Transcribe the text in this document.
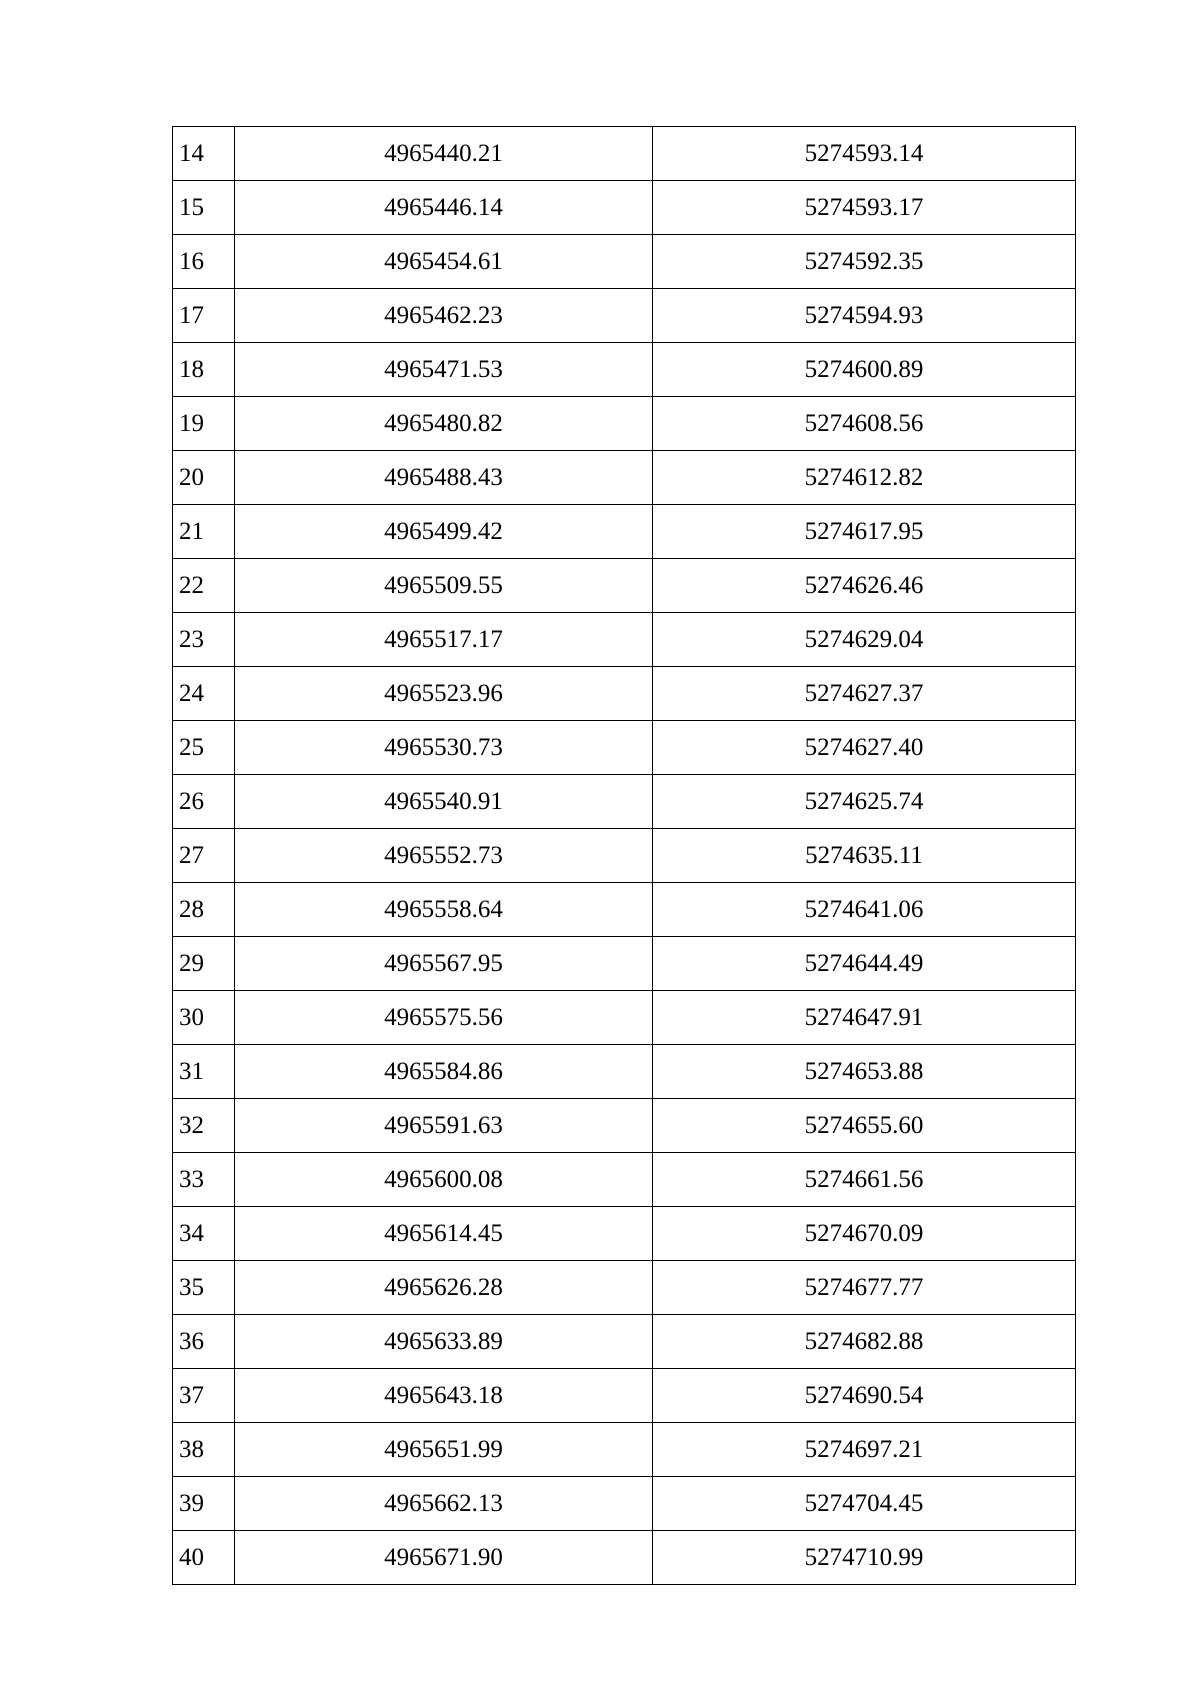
14	4965440.21	5274593.14
15	4965446.14	5274593.17
16	4965454.61	5274592.35
17	4965462.23	5274594.93
18	4965471.53	5274600.89
19	4965480.82	5274608.56
20	4965488.43	5274612.82
21	4965499.42	5274617.95
22	4965509.55	5274626.46
23	4965517.17	5274629.04
24	4965523.96	5274627.37
25	4965530.73	5274627.40
26	4965540.91	5274625.74
27	4965552.73	5274635.11
28	4965558.64	5274641.06
29	4965567.95	5274644.49
30	4965575.56	5274647.91
31	4965584.86	5274653.88
32	4965591.63	5274655.60
33	4965600.08	5274661.56
34	4965614.45	5274670.09
35	4965626.28	5274677.77
36	4965633.89	5274682.88
37	4965643.18	5274690.54
38	4965651.99	5274697.21
39	4965662.13	5274704.45
40	4965671.90	5274710.99
